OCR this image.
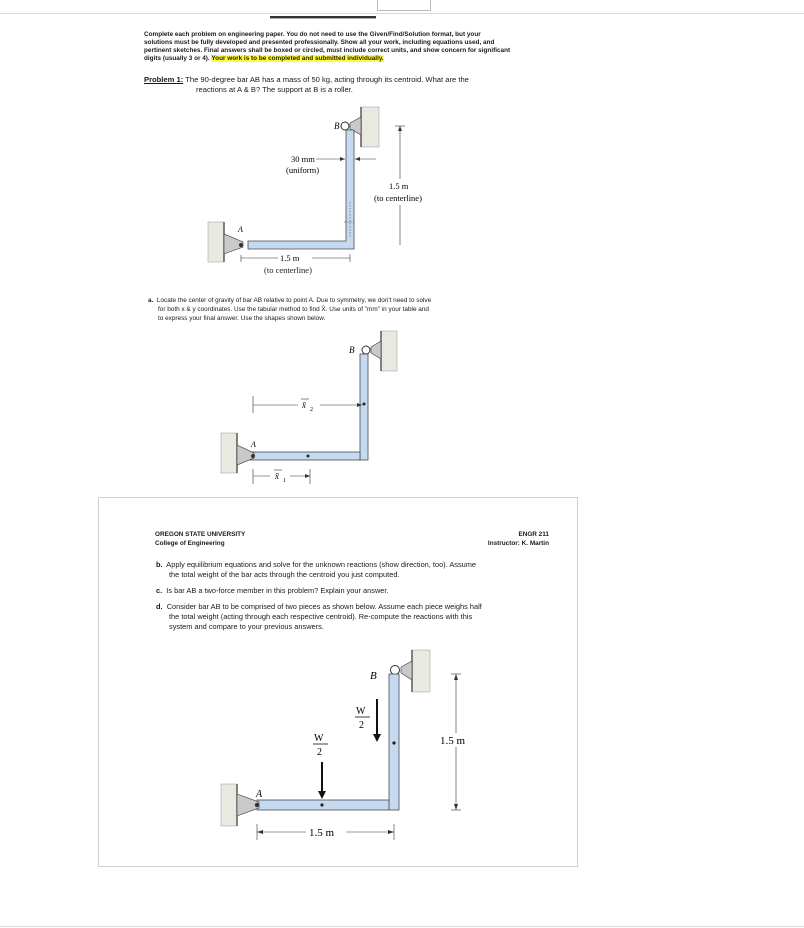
Complete each problem on engineering paper. You do not need to use the Given/Find/Solution format, but your
solutions must be fully developed and presented professionally. Show all your work, including equations used, and
pertinent sketches. Final answers shall be boxed or circled, must include correct units, and show concern for significant
digits (usually 3 or 4). Your work is to be completed and submitted individually.
Problem 1: The 90-degree bar AB has a mass of 50 kg, acting through its centroid. What are the
reactions at A & B? The support at B is a roller.
B
A
30 mm
(uniform)
1.5 m
(to centerline)
1.5 m
(to centerline)
a. Locate the center of gravity of bar AB relative to point A. Due to symmetry, we don't need to solve
for both x & y coordinates. Use the tabular method to find X̄. Use units of "mm" in your table and
to express your final answer. Use the shapes shown below.
B
A
x̄ 2
x̄ 1
OREGON STATE UNIVERSITY
College of Engineering
ENGR 211
Instructor: K. Martin
b. Apply equilibrium equations and solve for the unknown reactions (show direction, too). Assume
the total weight of the bar acts through the centroid you just computed.
c. Is bar AB a two-force member in this problem? Explain your answer.
d. Consider bar AB to be comprised of two pieces as shown below. Assume each piece weighs half
the total weight (acting through each respective centroid). Re-compute the reactions with this
system and compare to your previous answers.
B
W
2
W
2
A
1.5 m
1.5 m
